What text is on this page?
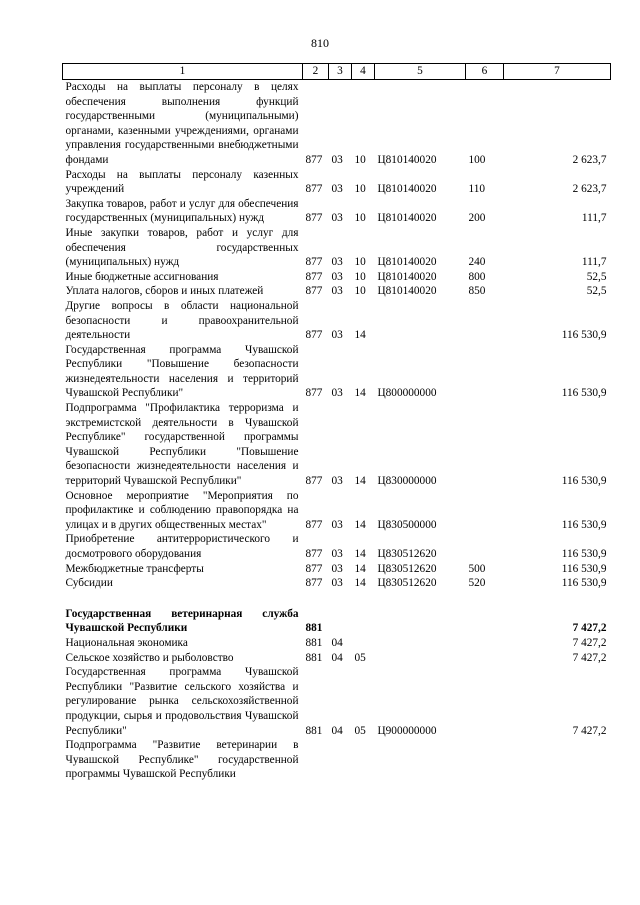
810
1	2	3	4	5	6	7
Расходы на выплаты персоналу в целях обеспечения выполнения функций государственными (муниципальными) органами, казенными учреждениями, органами управления государственными внебюджетными фондами	877	03	10	Ц810140020	100	2 623,7
Расходы на выплаты персоналу казенных учреждений	877	03	10	Ц810140020	110	2 623,7
Закупка товаров, работ и услуг для обеспечения государственных (муниципальных) нужд	877	03	10	Ц810140020	200	111,7
Иные закупки товаров, работ и услуг для обеспечения государственных (муниципальных) нужд	877	03	10	Ц810140020	240	111,7
Иные бюджетные ассигнования	877	03	10	Ц810140020	800	52,5
Уплата налогов, сборов и иных платежей	877	03	10	Ц810140020	850	52,5
Другие вопросы в области национальной безопасности и правоохранительной деятельности	877	03	14			116 530,9
Государственная программа Чувашской Республики "Повышение безопасности жизнедеятельности населения и территорий Чувашской Республики"	877	03	14	Ц800000000		116 530,9
Подпрограмма "Профилактика терроризма и экстремистской деятельности в Чувашской Республике" государственной программы Чувашской Республики "Повышение безопасности жизнедеятельности населения и территорий Чувашской Республики"	877	03	14	Ц830000000		116 530,9
Основное мероприятие "Мероприятия по профилактике и соблюдению правопорядка на улицах и в других общественных местах"	877	03	14	Ц830500000		116 530,9
Приобретение антитеррористического и досмотрового оборудования	877	03	14	Ц830512620		116 530,9
Межбюджетные трансферты	877	03	14	Ц830512620	500	116 530,9
Субсидии	877	03	14	Ц830512620	520	116 530,9

Государственная ветеринарная служба Чувашской Республики	881					7 427,2
Национальная экономика	881	04				7 427,2
Сельское хозяйство и рыболовство	881	04	05			7 427,2
Государственная программа Чувашской Республики "Развитие сельского хозяйства и регулирование рынка сельскохозяйственной продукции, сырья и продовольствия Чувашской Республики"	881	04	05	Ц900000000		7 427,2
Подпрограмма "Развитие ветеринарии в Чувашской Республике" государственной программы Чувашской Республики						
